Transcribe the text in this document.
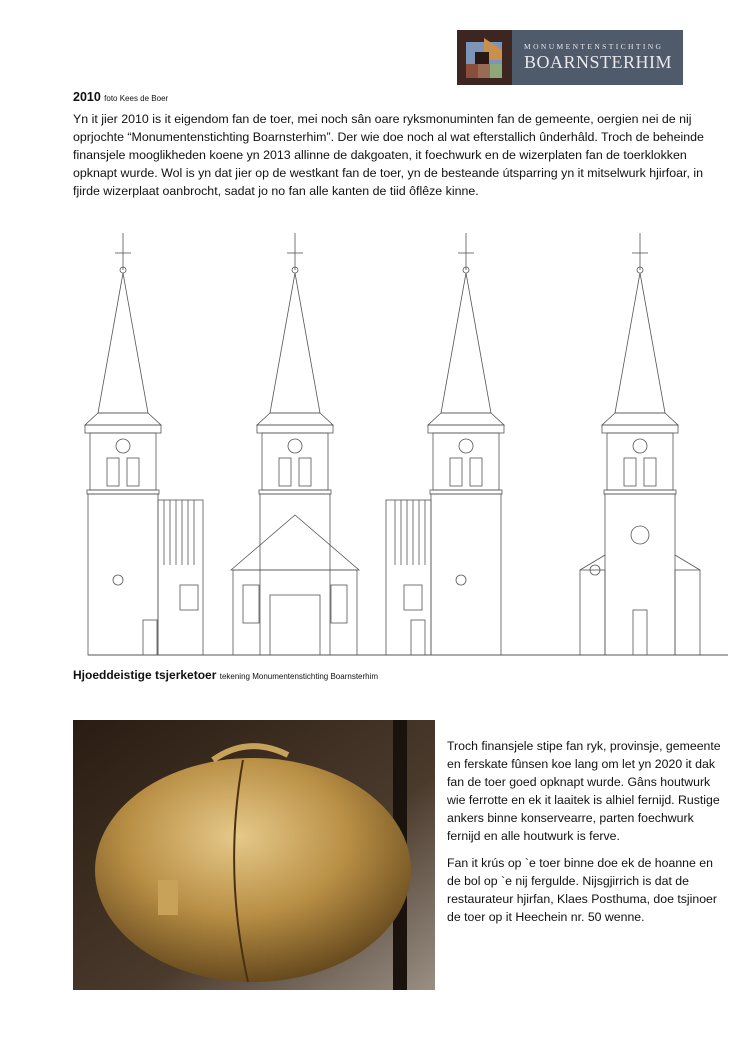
MONUMENTENSTICHTING
BOARNSTERHIM
2010 foto Kees de Boer
Yn it jier 2010 is it eigendom fan de toer, mei noch sân oare ryksmonuminten fan de gemeente, oergien nei de nij oprjochte “Monumentenstichting Boarnsterhim”. Der wie doe noch al wat efterstallich ûnderhâld. Troch de beheinde finansjele mooglikheden koene yn 2013 allinne de dakgoaten, it foechwurk en de wizerplaten fan de toerklokken opknapt wurde. Wol is yn dat jier op de westkant fan de toer, yn de besteande útsparring yn it mitselwurk hjirfoar, in fjirde wizerplaat oanbrocht, sadat jo no fan alle kanten de tiid ôflêze kinne.
Hjoeddeistige tsjerketoer tekening Monumentenstichting Boarnsterhim

Troch finansjele stipe fan ryk, provinsje, gemeente en ferskate fûnsen koe lang om let yn 2020 it dak fan de toer goed opknapt wurde. Gâns houtwurk wie ferrotte en ek it laaitek is alhiel fernijd. Rustige ankers binne konservearre, parten foechwurk fernijd en alle houtwurk is ferve.

Fan it krús op `e toer binne doe ek de hoanne en de bol op `e nij fergulde. Nijsgjirrich is dat de restaurateur hjirfan, Klaes Posthuma, doe tsjinoer de toer op it Heechein nr. 50 wenne.
